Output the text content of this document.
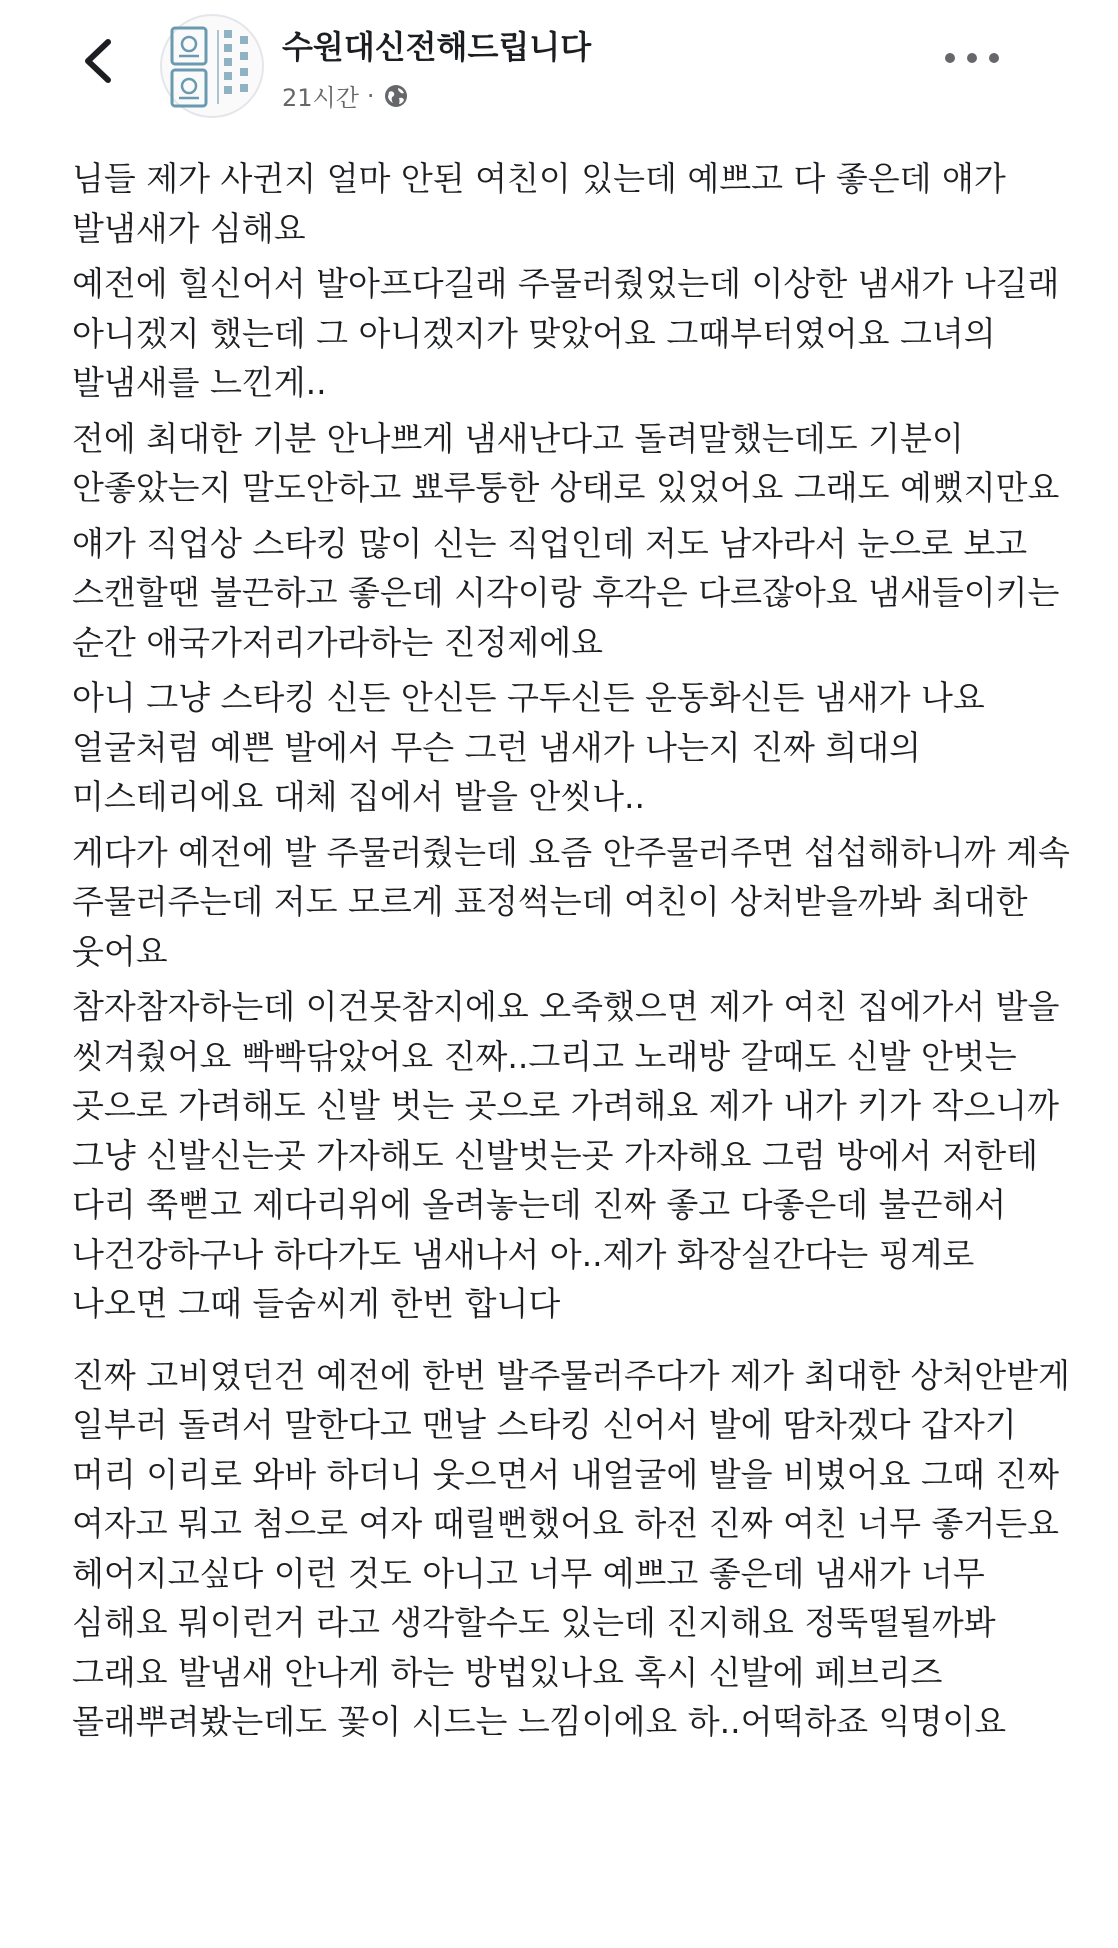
수원대신전해드립니다
21시간 ·

님들 제가 사귄지 얼마 안된 여친이 있는데 예쁘고 다 좋은데 얘가 발냄새가 심해요

예전에 힐신어서 발아프다길래 주물러줬었는데 이상한 냄새가 나길래 아니겠지 했는데 그 아니겠지가 맞았어요 그때부터였어요 그녀의 발냄새를 느낀게..

전에 최대한 기분 안나쁘게 냄새난다고 돌려말했는데도 기분이 안좋았는지 말도안하고 뾰루퉁한 상태로 있었어요 그래도 예뻤지만요

얘가 직업상 스타킹 많이 신는 직업인데 저도 남자라서 눈으로 보고 스캔할땐 불끈하고 좋은데 시각이랑 후각은 다르잖아요 냄새들이키는 순간 애국가저리가라하는 진정제에요

아니 그냥 스타킹 신든 안신든 구두신든 운동화신든 냄새가 나요 얼굴처럼 예쁜 발에서 무슨 그런 냄새가 나는지 진짜 희대의 미스테리에요 대체 집에서 발을 안씻나..

게다가 예전에 발 주물러줬는데 요즘 안주물러주면 섭섭해하니까 계속 주물러주는데 저도 모르게 표정썩는데 여친이 상처받을까봐 최대한 웃어요

참자참자하는데 이건못참지에요 오죽했으면 제가 여친 집에가서 발을 씻겨줬어요 빡빡닦았어요 진짜..그리고 노래방 갈때도 신발 안벗는 곳으로 가려해도 신발 벗는 곳으로 가려해요 제가 내가 키가 작으니까 그냥 신발신는곳 가자해도 신발벗는곳 가자해요 그럼 방에서 저한테 다리 쭉뻗고 제다리위에 올려놓는데 진짜 좋고 다좋은데 불끈해서 나건강하구나 하다가도 냄새나서 아..제가 화장실간다는 핑계로 나오면 그때 들숨씨게 한번 합니다

진짜 고비였던건 예전에 한번 발주물러주다가 제가 최대한 상처안받게 일부러 돌려서 말한다고 맨날 스타킹 신어서 발에 땀차겠다 갑자기 머리 이리로 와바 하더니 웃으면서 내얼굴에 발을 비볐어요 그때 진짜 여자고 뭐고 첨으로 여자 때릴뻔했어요 하전 진짜 여친 너무 좋거든요 헤어지고싶다 이런 것도 아니고 너무 예쁘고 좋은데 냄새가 너무 심해요 뭐이런거 라고 생각할수도 있는데 진지해요 정뚝떨될까봐 그래요 발냄새 안나게 하는 방법있나요 혹시 신발에 페브리즈 몰래뿌려봤는데도 꽃이 시드는 느낌이에요 하..어떡하죠 익명이요
